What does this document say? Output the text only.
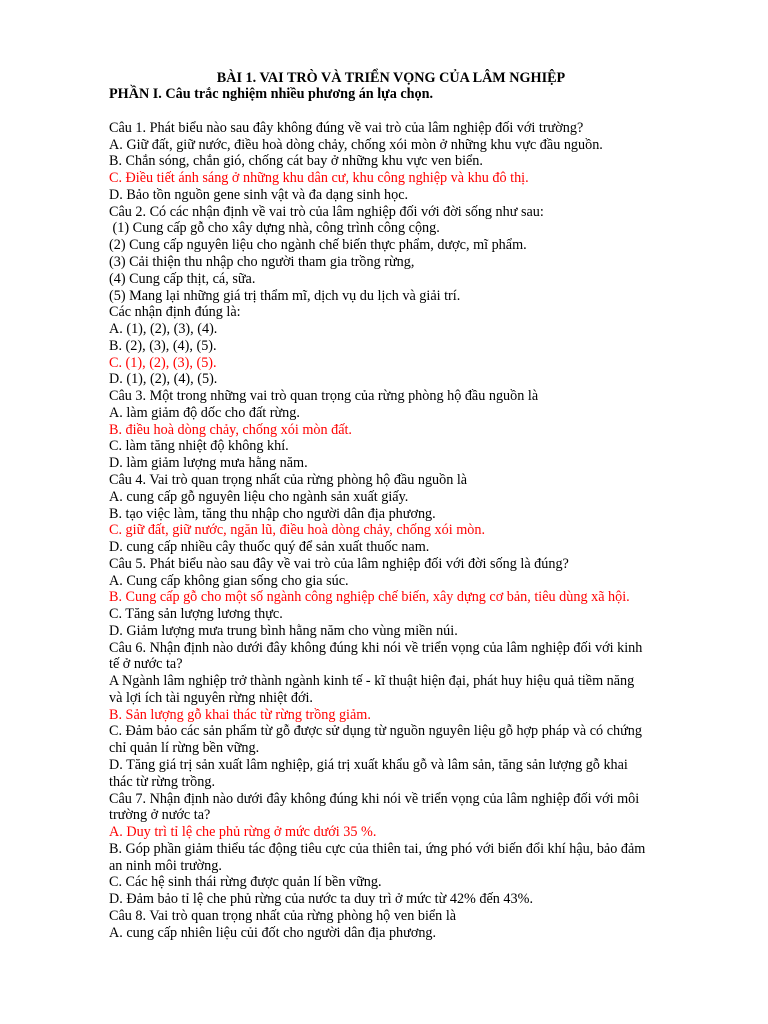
BÀI 1. VAI TRÒ VÀ TRIỂN VỌNG CỦA LÂM NGHIỆP
PHẦN I. Câu trắc nghiệm nhiều phương án lựa chọn.
Câu 1. Phát biểu nào sau đây không đúng về vai trò của lâm nghiệp đối với trường?
A. Giữ đất, giữ nước, điều hoà dòng chảy, chống xói mòn ở những khu vực đầu nguồn.
B. Chắn sóng, chắn gió, chống cát bay ở những khu vực ven biển.
C. Điều tiết ánh sáng ở những khu dân cư, khu công nghiệp và khu đô thị.
D. Bảo tồn nguồn gene sinh vật và đa dạng sinh học.
Câu 2. Có các nhận định về vai trò của lâm nghiệp đối với đời sống như sau:
(1) Cung cấp gỗ cho xây dựng nhà, công trình công cộng.
(2) Cung cấp nguyên liệu cho ngành chế biến thực phẩm, dược, mĩ phẩm.
(3) Cải thiện thu nhập cho người tham gia trồng rừng,
(4) Cung cấp thịt, cá, sữa.
(5) Mang lại những giá trị thẩm mĩ, dịch vụ du lịch và giải trí.
Các nhận định đúng là:
A. (1), (2), (3), (4).
B. (2), (3), (4), (5).
C. (1), (2), (3), (5).
D. (1), (2), (4), (5).
Câu 3. Một trong những vai trò quan trọng của rừng phòng hộ đầu nguồn là
A. làm giảm độ dốc cho đất rừng.
B. điều hoà dòng chảy, chống xói mòn đất.
C. làm tăng nhiệt độ không khí.
D. làm giảm lượng mưa hằng năm.
Câu 4. Vai trò quan trọng nhất của rừng phòng hộ đầu nguồn là
A. cung cấp gỗ nguyên liệu cho ngành sản xuất giấy.
B. tạo việc làm, tăng thu nhập cho người dân địa phương.
C. giữ đất, giữ nước, ngăn lũ, điều hoà dòng chảy, chống xói mòn.
D. cung cấp nhiều cây thuốc quý để sản xuất thuốc nam.
Câu 5. Phát biểu nào sau đây về vai trò của lâm nghiệp đối với đời sống là đúng?
A. Cung cấp không gian sống cho gia súc.
B. Cung cấp gỗ cho một số ngành công nghiệp chế biến, xây dựng cơ bản, tiêu dùng xã hội.
C. Tăng sản lượng lương thực.
D. Giảm lượng mưa trung bình hằng năm cho vùng miền núi.
Câu 6. Nhận định nào dưới đây không đúng khi nói về triển vọng của lâm nghiệp đối với kinh
tế ở nước ta?
A Ngành lâm nghiệp trở thành ngành kinh tế - kĩ thuật hiện đại, phát huy hiệu quả tiềm năng
và lợi ích tài nguyên rừng nhiệt đới.
B. Sản lượng gỗ khai thác từ rừng trồng giảm.
C. Đảm bảo các sản phẩm từ gỗ được sử dụng từ nguồn nguyên liệu gỗ hợp pháp và có chứng
chỉ quản lí rừng bền vững.
D. Tăng giá trị sản xuất lâm nghiệp, giá trị xuất khẩu gỗ và lâm sản, tăng sản lượng gỗ khai
thác từ rừng trồng.
Câu 7. Nhận định nào dưới đây không đúng khi nói về triển vọng của lâm nghiệp đối với môi
trường ở nước ta?
A. Duy trì tỉ lệ che phủ rừng ở mức dưới 35 %.
B. Góp phần giảm thiểu tác động tiêu cực của thiên tai, ứng phó với biến đổi khí hậu, bảo đảm
an ninh môi trường.
C. Các hệ sinh thái rừng được quản lí bền vững.
D. Đảm bảo tỉ lệ che phủ rừng của nước ta duy trì ở mức từ 42% đến 43%.
Câu 8. Vai trò quan trọng nhất của rừng phòng hộ ven biển là
A. cung cấp nhiên liệu củi đốt cho người dân địa phương.
